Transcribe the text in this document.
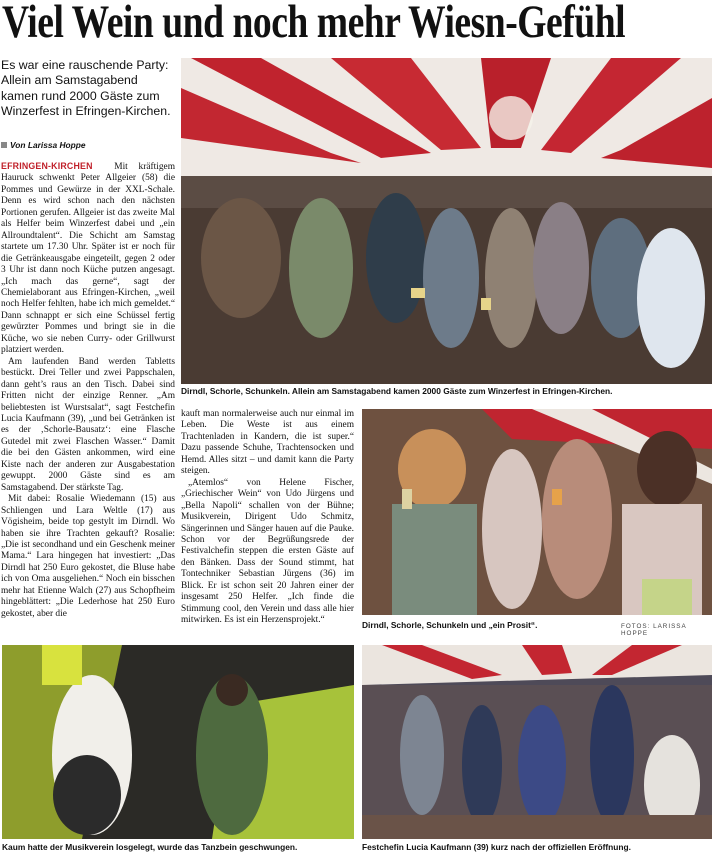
Viel Wein und noch mehr Wiesn-Gefühl
Es war eine rauschende Party: Allein am Samstagabend kamen rund 2000 Gäste zum Winzerfest in Efringen-Kirchen.
Von Larissa Hoppe

EFRINGEN-KIRCHEN Mit kräftigem Hauruck schwenkt Peter Allgeier (58) die Pommes und Gewürze in der XXL-Schale. Denn es wird schon nach den nächsten Portionen gerufen. Allgeier ist das zweite Mal als Helfer beim Winzerfest dabei und „ein Allroundtalent“. Die Schicht am Samstag startete um 17.30 Uhr. Später ist er noch für die Getränkeausgabe eingeteilt, gegen 2 oder 3 Uhr ist dann noch Küche putzen angesagt. „Ich mach das gerne“, sagt der Chemielaborant aus Efringen-Kirchen, „weil noch Helfer fehlten, habe ich mich gemeldet.“ Dann schnappt er sich eine Schüssel fertig gewürzter Pommes und bringt sie in die Küche, wo sie neben Curry- oder Grillwurst platziert werden.

Am laufenden Band werden Tabletts bestückt. Drei Teller und zwei Pappschalen, dann geht’s raus an den Tisch. Dabei sind Fritten nicht der einzige Renner. „Am beliebtesten ist Wurstsalat“, sagt Festchefin Lucia Kaufmann (39), „und bei Getränken ist es der ‚Schorle-Bausatz‘: eine Flasche Gutedel mit zwei Flaschen Wasser.“ Damit die bei den Gästen ankommen, wird eine Kiste nach der anderen zur Ausgabestation gewuppt. 2000 Gäste sind es am Samstagabend. Der stärkste Tag.

Mit dabei: Rosalie Wiedemann (15) aus Schliengen und Lara Weltle (17) aus Vögisheim, beide top gestylt im Dirndl. Wo haben sie ihre Trachten gekauft? Rosalie: „Die ist secondhand und ein Geschenk meiner Mama.“ Lara hingegen hat investiert: „Das Dirndl hat 250 Euro gekostet, die Bluse habe ich von Oma ausgeliehen.“ Noch ein bisschen mehr hat Etienne Walch (27) aus Schopfheim hingeblättert: „Die Lederhose hat 250 Euro gekostet, aber die

kauft man normalerweise auch nur einmal im Leben. Die Weste ist aus einem Trachtenladen in Kandern, die ist super.“ Dazu passende Schuhe, Trachtensocken und Hemd. Alles sitzt – und damit kann die Party steigen.

„Atemlos“ von Helene Fischer, „Griechischer Wein“ von Udo Jürgens und „Bella Napoli“ schallen von der Bühne; Musikverein, Dirigent Udo Schmitz, Sängerinnen und Sänger hauen auf die Pauke. Schon vor der Begrüßungsrede der Festivalchefin steppen die ersten Gäste auf den Bänken. Dass der Sound stimmt, hat Tontechniker Sebastian Jürgens (36) im Blick. Er ist schon seit 20 Jahren einer der insgesamt 250 Helfer. „Ich finde die Stimmung cool, den Verein und dass alle hier mitwirken. Es ist ein Herzensprojekt.“

Dirndl, Schorle, Schunkeln. Allein am Samstagabend kamen 2000 Gäste zum Winzerfest in Efringen-Kirchen.
Dirndl, Schorle, Schunkeln und „ein Prosit“.	FOTOS: LARISSA HOPPE
Kaum hatte der Musikverein losgelegt, wurde das Tanzbein geschwungen.	Festchefin Lucia Kaufmann (39) kurz nach der offiziellen Eröffnung.
